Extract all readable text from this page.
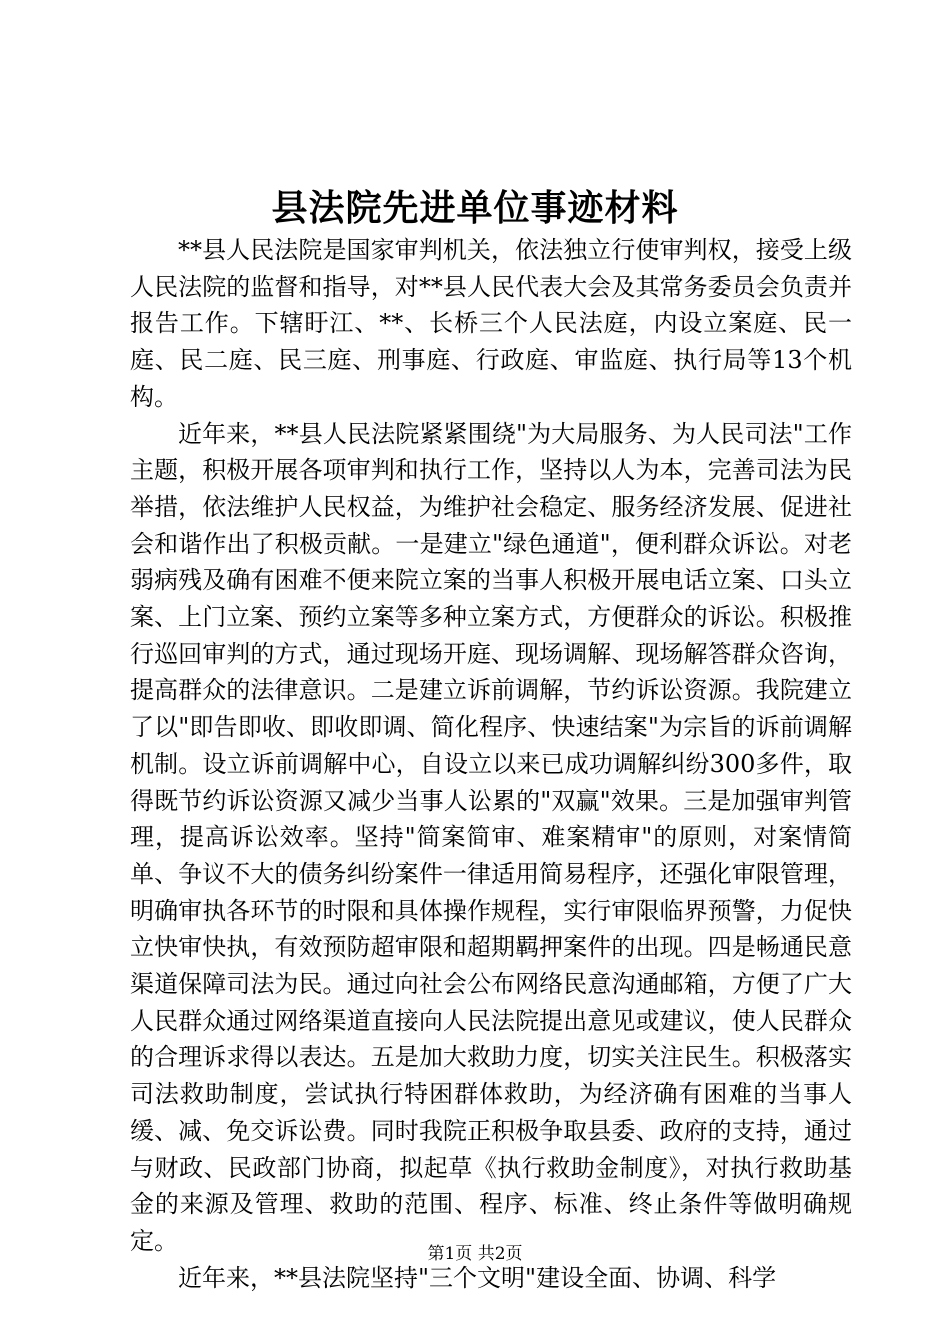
县法院先进单位事迹材料

**县人民法院是国家审判机关，依法独立行使审判权，接受上级人民法院的监督和指导，对**县人民代表大会及其常务委员会负责并报告工作。下辖盱江、**、长桥三个人民法庭，内设立案庭、民一庭、民二庭、民三庭、刑事庭、行政庭、审监庭、执行局等13个机构。

近年来，**县人民法院紧紧围绕"为大局服务、为人民司法"工作主题，积极开展各项审判和执行工作，坚持以人为本，完善司法为民举措，依法维护人民权益，为维护社会稳定、服务经济发展、促进社会和谐作出了积极贡献。一是建立"绿色通道"，便利群众诉讼。对老弱病残及确有困难不便来院立案的当事人积极开展电话立案、口头立案、上门立案、预约立案等多种立案方式，方便群众的诉讼。积极推行巡回审判的方式，通过现场开庭、现场调解、现场解答群众咨询，提高群众的法律意识。二是建立诉前调解，节约诉讼资源。我院建立了以"即告即收、即收即调、简化程序、快速结案"为宗旨的诉前调解机制。设立诉前调解中心，自设立以来已成功调解纠纷300多件，取得既节约诉讼资源又减少当事人讼累的"双赢"效果。三是加强审判管理，提高诉讼效率。坚持"简案简审、难案精审"的原则，对案情简单、争议不大的债务纠纷案件一律适用简易程序，还强化审限管理，明确审执各环节的时限和具体操作规程，实行审限临界预警，力促快立快审快执，有效预防超审限和超期羁押案件的出现。四是畅通民意渠道保障司法为民。通过向社会公布网络民意沟通邮箱，方便了广大人民群众通过网络渠道直接向人民法院提出意见或建议，使人民群众的合理诉求得以表达。五是加大救助力度，切实关注民生。积极落实司法救助制度，尝试执行特困群体救助，为经济确有困难的当事人缓、减、免交诉讼费。同时我院正积极争取县委、政府的支持，通过与财政、民政部门协商，拟起草《执行救助金制度》，对执行救助基金的来源及管理、救助的范围、程序、标准、终止条件等做明确规定。

近年来，**县法院坚持"三个文明"建设全面、协调、科学

第1页 共2页
